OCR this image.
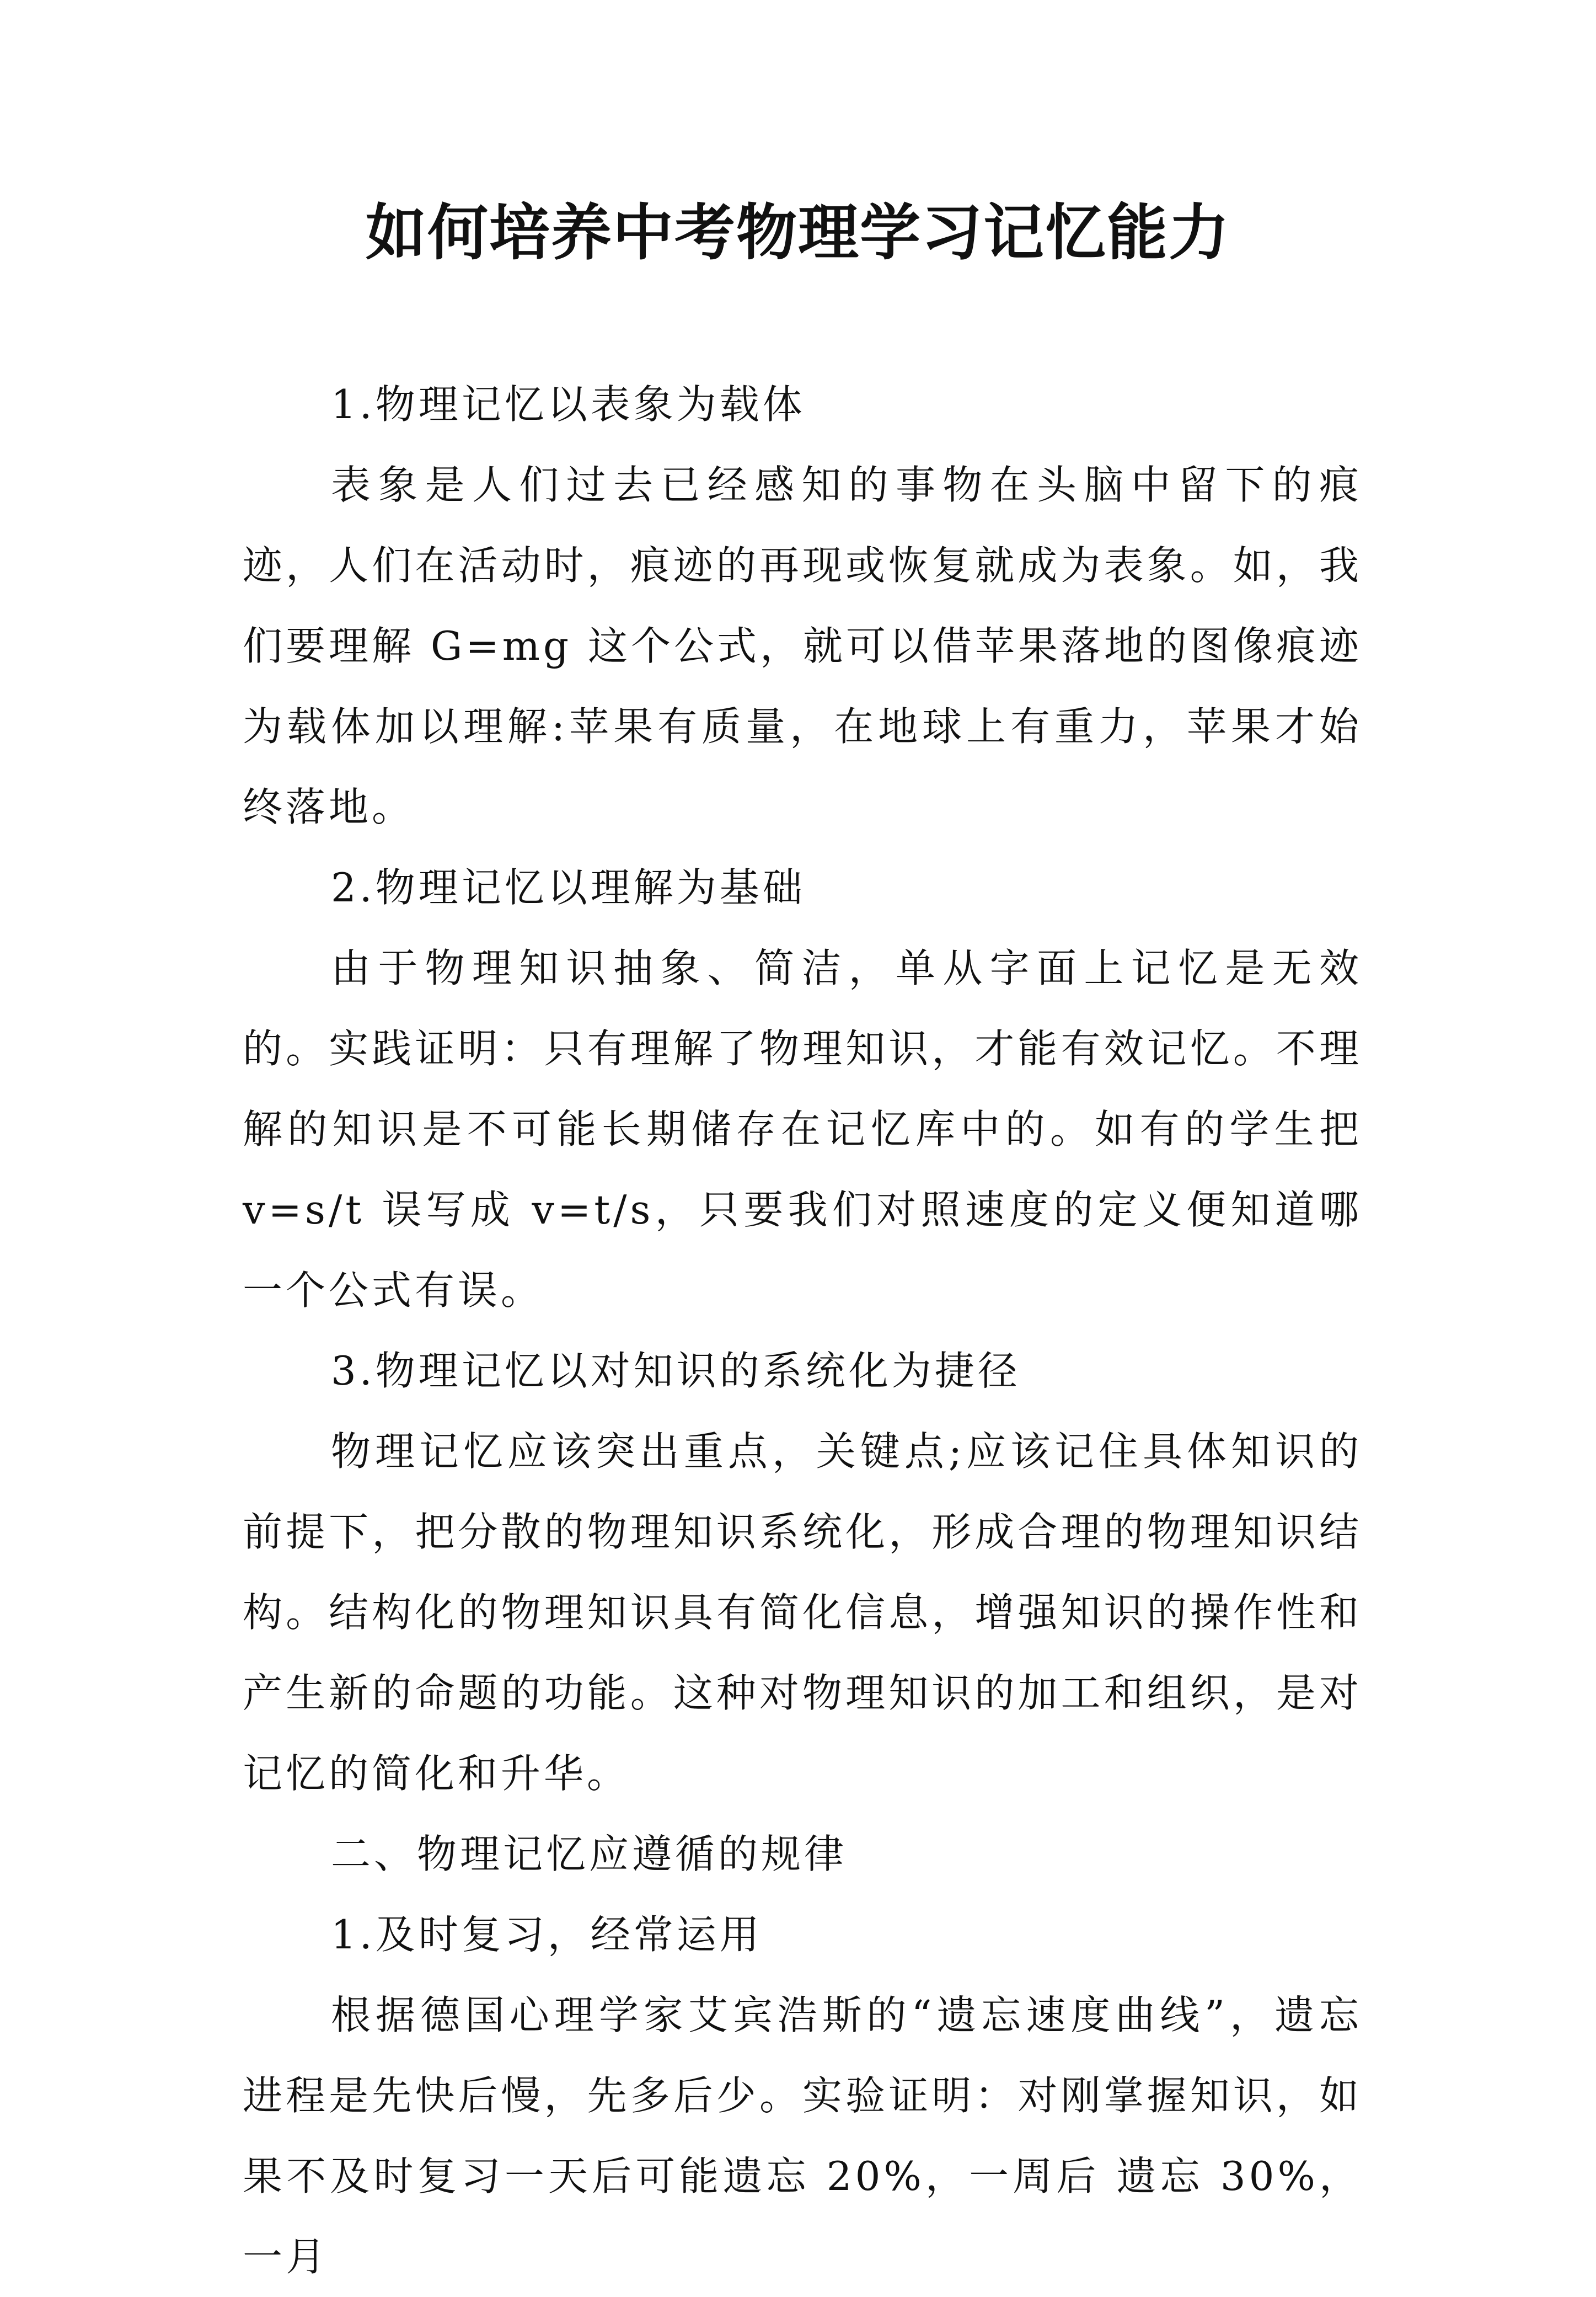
如何培养中考物理学习记忆能力

1.物理记忆以表象为载体

表象是人们过去已经感知的事物在头脑中留下的痕迹，人们在活动时，痕迹的再现或恢复就成为表象。如，我们要理解 G=mg 这个公式，就可以借苹果落地的图像痕迹为载体加以理解:苹果有质量，在地球上有重力，苹果才始终落地。

2.物理记忆以理解为基础

由于物理知识抽象、简洁，单从字面上记忆是无效的。实践证明：只有理解了物理知识，才能有效记忆。不理解的知识是不可能长期储存在记忆库中的。如有的学生把 v=s/t 误写成 v=t/s，只要我们对照速度的定义便知道哪一个公式有误。

3.物理记忆以对知识的系统化为捷径

物理记忆应该突出重点，关键点;应该记住具体知识的前提下，把分散的物理知识系统化，形成合理的物理知识结构。结构化的物理知识具有简化信息，增强知识的操作性和产生新的命题的功能。这种对物理知识的加工和组织，是对记忆的简化和升华。

二、物理记忆应遵循的规律

1.及时复习，经常运用

根据德国心理学家艾宾浩斯的“遗忘速度曲线”，遗忘进程是先快后慢，先多后少。实验证明：对刚掌握知识，如果不及时复习一天后可能遗忘 20%，一周后 遗忘 30%，一月
